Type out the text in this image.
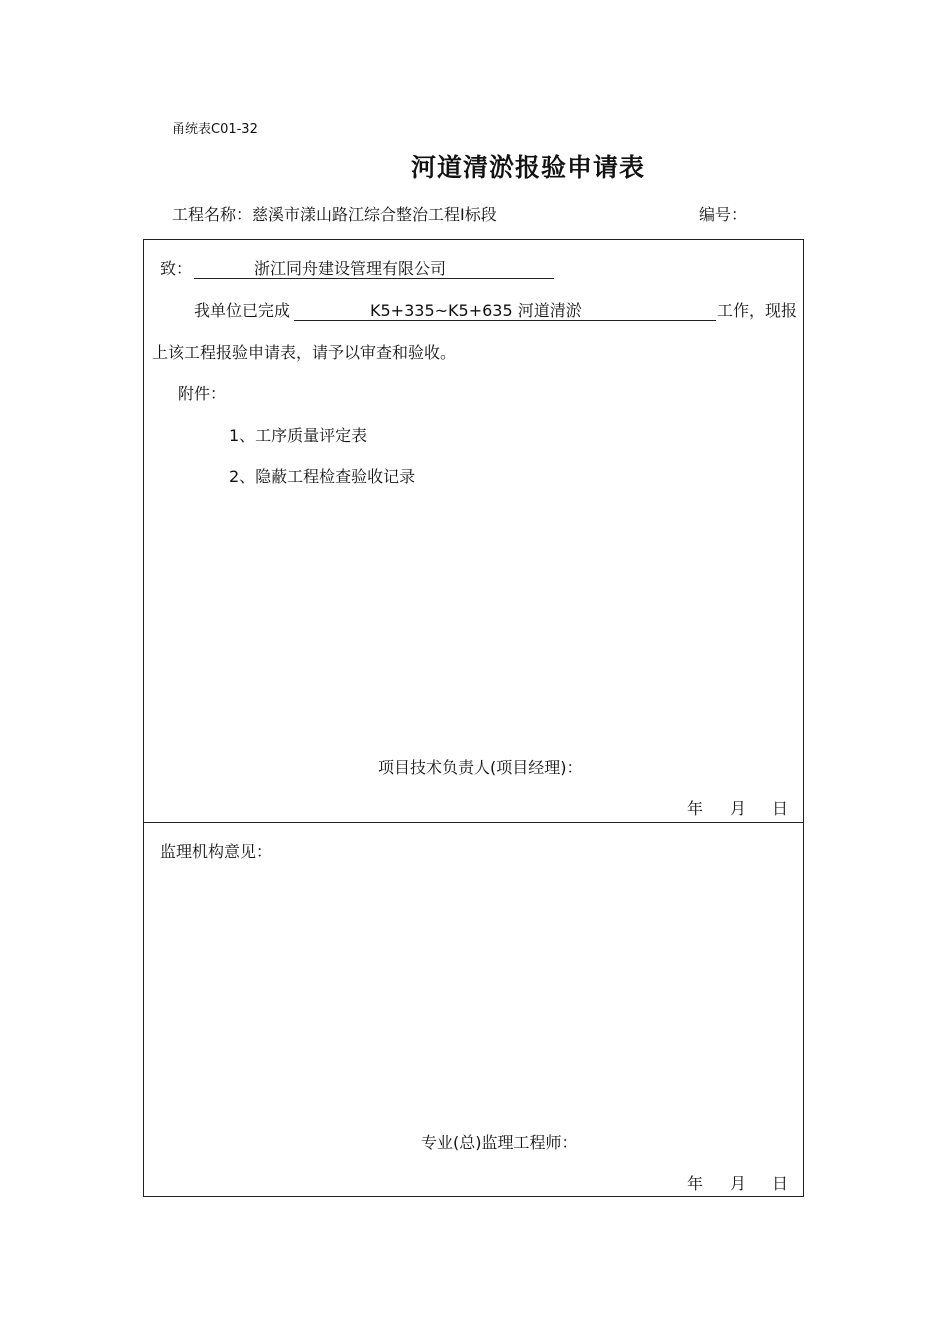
甬统表C01-32
河道清淤报验申请表
工程名称： 慈溪市漾山路江综合整治工程Ⅰ标段	编号：
致：	浙江同舟建设管理有限公司
我单位已完成	K5+335~K5+635 河道清淤	工作，现报
上该工程报验申请表，请予以审查和验收。
附件：
1、工序质量评定表
2、隐蔽工程检查验收记录
项目技术负责人(项目经理)：
年 月 日
监理机构意见：
专业(总)监理工程师：
年 月 日
